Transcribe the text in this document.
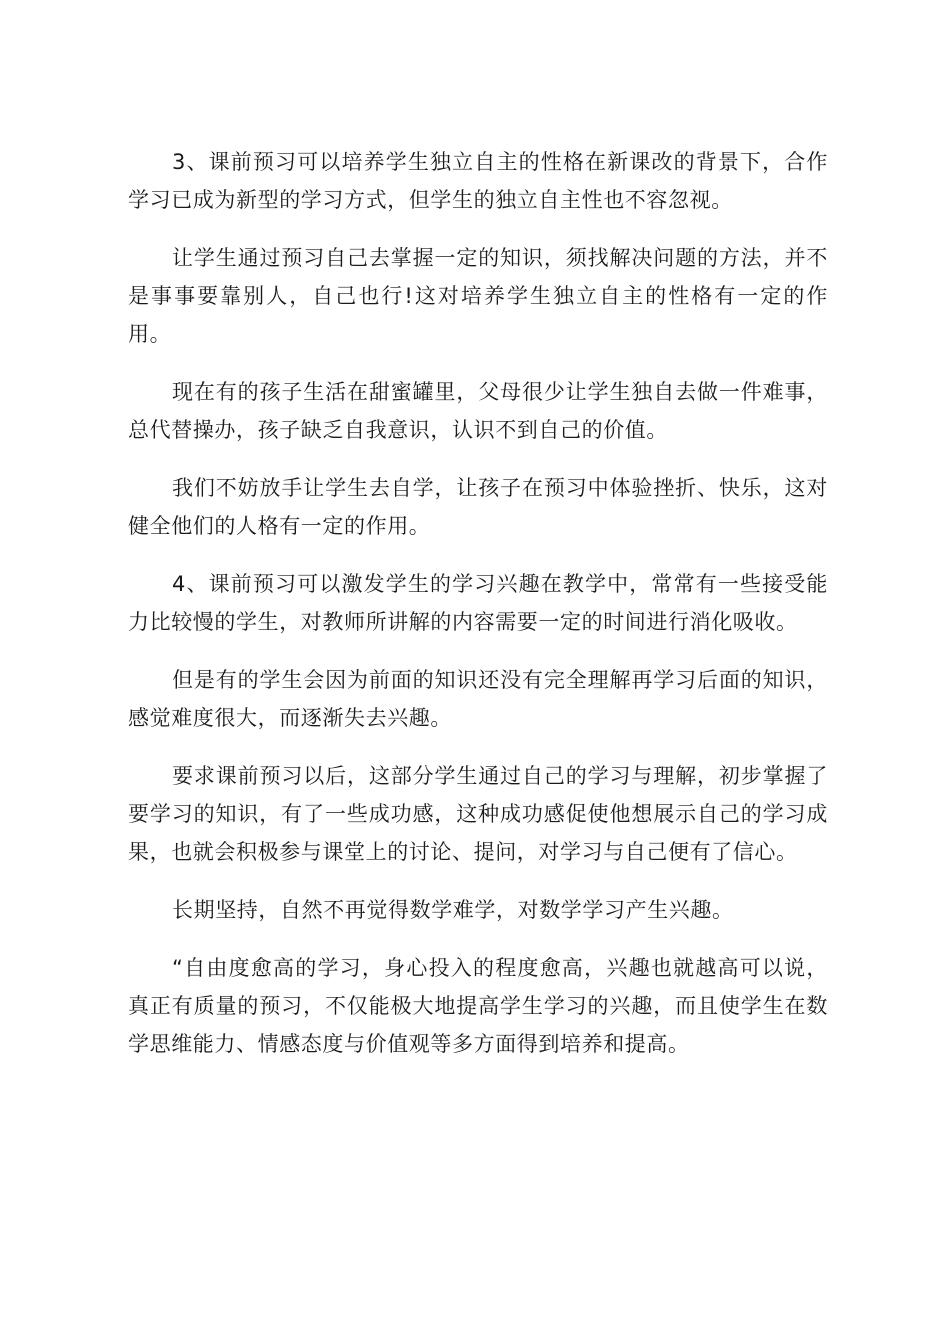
3、课前预习可以培养学生独立自主的性格在新课改的背景下，合作学习已成为新型的学习方式，但学生的独立自主性也不容忽视。

让学生通过预习自己去掌握一定的知识，须找解决问题的方法，并不是事事要靠别人，自己也行!这对培养学生独立自主的性格有一定的作用。

现在有的孩子生活在甜蜜罐里，父母很少让学生独自去做一件难事，总代替操办，孩子缺乏自我意识，认识不到自己的价值。

我们不妨放手让学生去自学，让孩子在预习中体验挫折、快乐，这对健全他们的人格有一定的作用。

4、课前预习可以激发学生的学习兴趣在教学中，常常有一些接受能力比较慢的学生，对教师所讲解的内容需要一定的时间进行消化吸收。

但是有的学生会因为前面的知识还没有完全理解再学习后面的知识，感觉难度很大，而逐渐失去兴趣。

要求课前预习以后，这部分学生通过自己的学习与理解，初步掌握了要学习的知识，有了一些成功感，这种成功感促使他想展示自己的学习成果，也就会积极参与课堂上的讨论、提问，对学习与自己便有了信心。

长期坚持，自然不再觉得数学难学，对数学学习产生兴趣。

“自由度愈高的学习，身心投入的程度愈高，兴趣也就越高可以说，真正有质量的预习，不仅能极大地提高学生学习的兴趣，而且使学生在数学思维能力、情感态度与价值观等多方面得到培养和提高。
